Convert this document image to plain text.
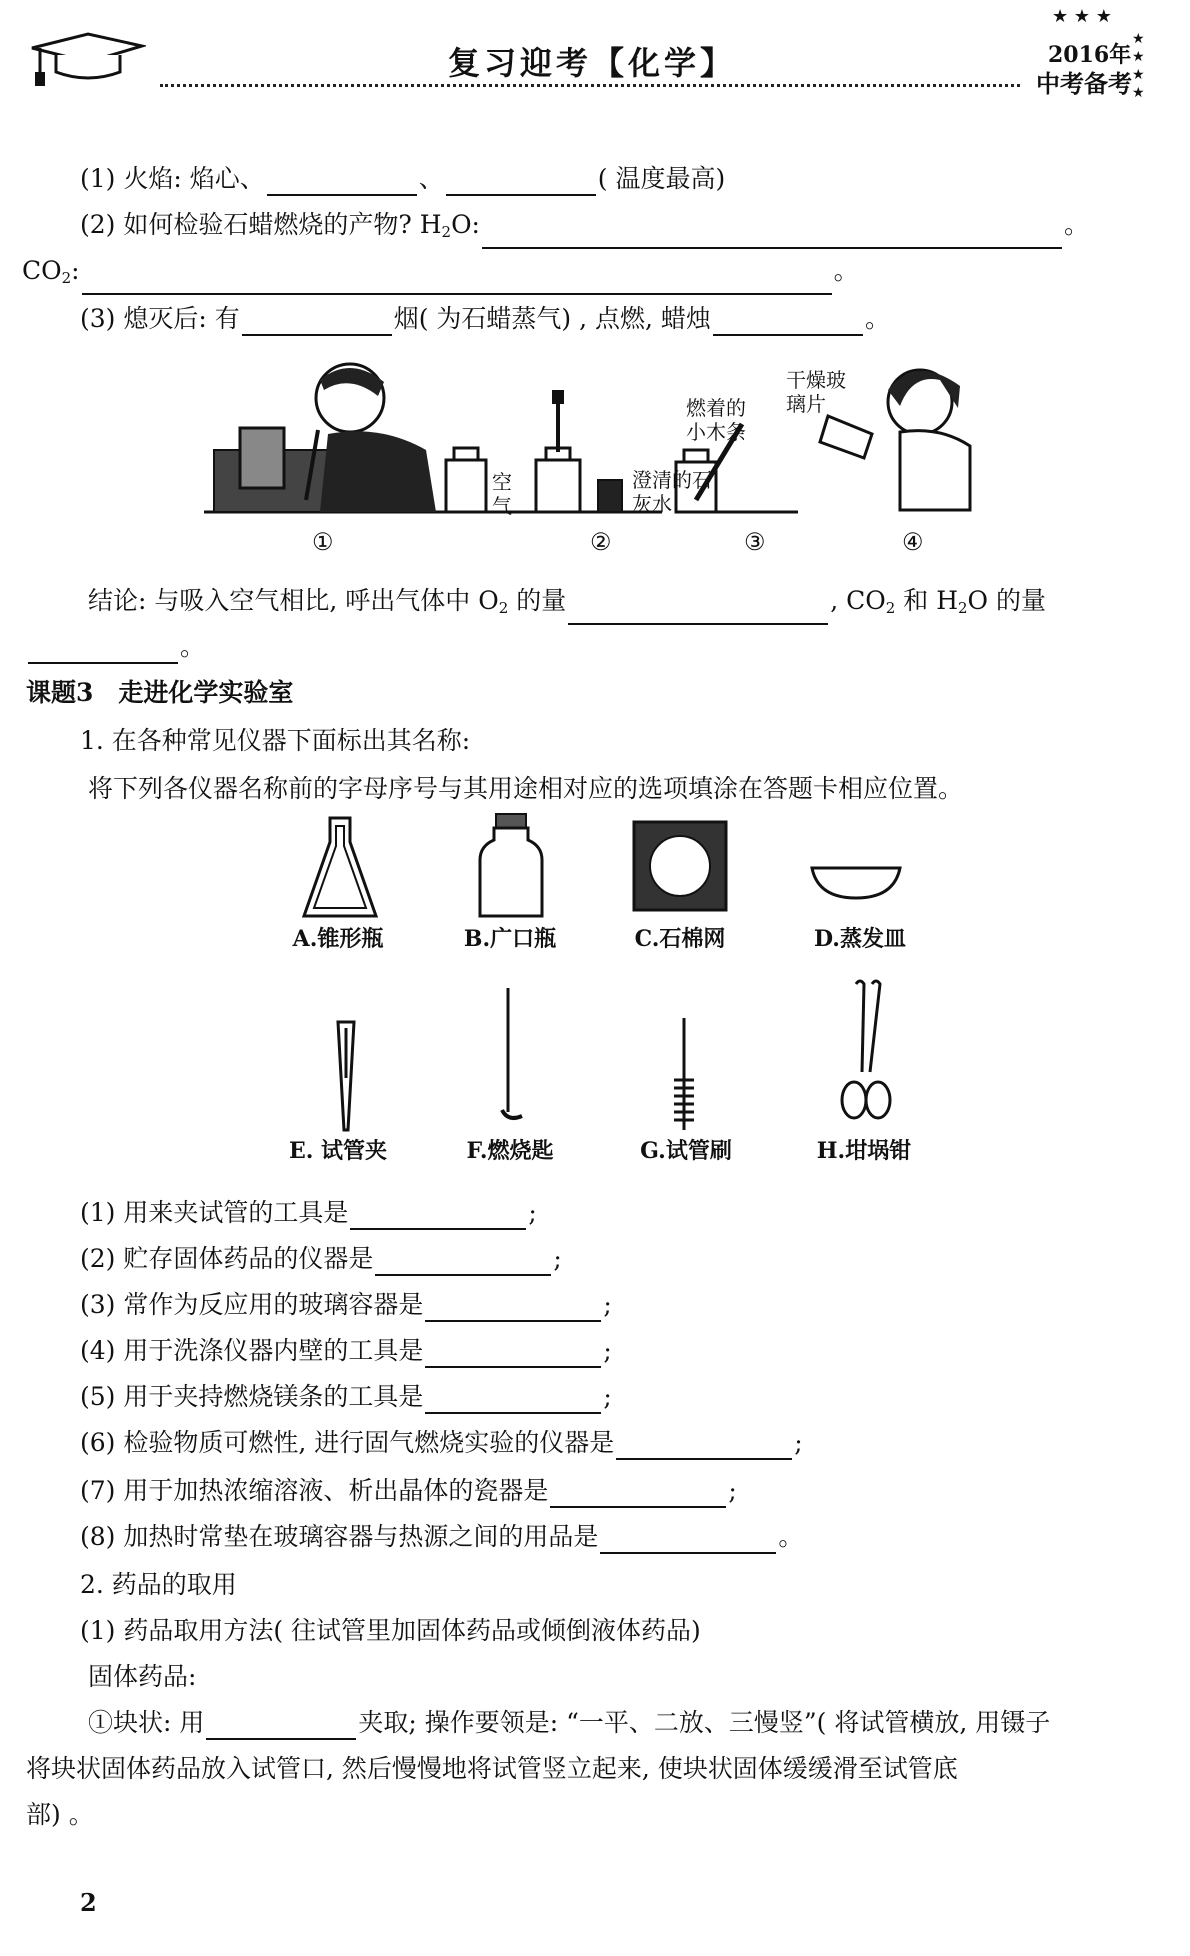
复习迎考【化学】
★ ★ ★
★
★
★
★
2016年
中考备考
(1) 火焰: 焰心、	、	( 温度最高)
(2) 如何检验石蜡燃烧的产物? $H_2O$:	。
$CO_2$:	。
(3) 熄灭后: 有	烟( 为石蜡蒸气) , 点燃, 蜡烛	。
空气
澄清的石灰水
燃着的小木条
干燥玻璃片
①	②	③	④
结论: 与吸入空气相比, 呼出气体中 $O_2$ 的量	, $CO_2$ 和 $H_2O$ 的量
。
课题3　走进化学实验室
1. 在各种常见仪器下面标出其名称:
将下列各仪器名称前的字母序号与其用途相对应的选项填涂在答题卡相应位置。
A.锥形瓶	B.广口瓶	C.石棉网	D.蒸发皿
E. 试管夹	F.燃烧匙	G.试管刷	H.坩埚钳
(1) 用来夹试管的工具是	;
(2) 贮存固体药品的仪器是	;
(3) 常作为反应用的玻璃容器是	;
(4) 用于洗涤仪器内壁的工具是	;
(5) 用于夹持燃烧镁条的工具是	;
(6) 检验物质可燃性, 进行固气燃烧实验的仪器是	;
(7) 用于加热浓缩溶液、析出晶体的瓷器是	;
(8) 加热时常垫在玻璃容器与热源之间的用品是	。
2. 药品的取用
(1) 药品取用方法( 往试管里加固体药品或倾倒液体药品)
固体药品:
①块状: 用	夹取; 操作要领是: “一平、二放、三慢竖”( 将试管横放, 用镊子
将块状固体药品放入试管口, 然后慢慢地将试管竖立起来, 使块状固体缓缓滑至试管底
部) 。
2
